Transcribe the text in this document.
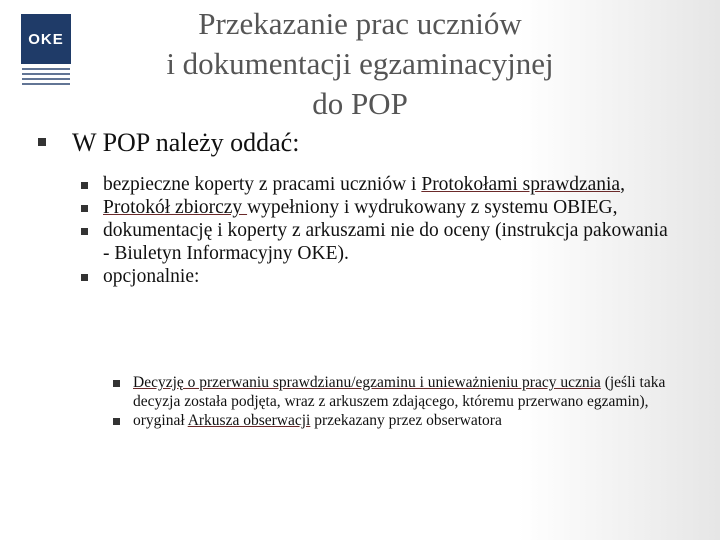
OKE	Przekazanie prac uczniów
i dokumentacji egzaminacyjnej
do POP
W POP należy oddać:
bezpieczne koperty z pracami uczniów i Protokołami sprawdzania,
Protokół zbiorczy wypełniony i wydrukowany z systemu OBIEG,
dokumentację i koperty z arkuszami nie do oceny (instrukcja pakowania - Biuletyn Informacyjny OKE).
opcjonalnie:
Decyzję o przerwaniu sprawdzianu/egzaminu i unieważnieniu pracy ucznia (jeśli taka decyzja została podjęta, wraz z arkuszem zdającego, któremu przerwano egzamin),
oryginał Arkusza obserwacji przekazany przez obserwatora
